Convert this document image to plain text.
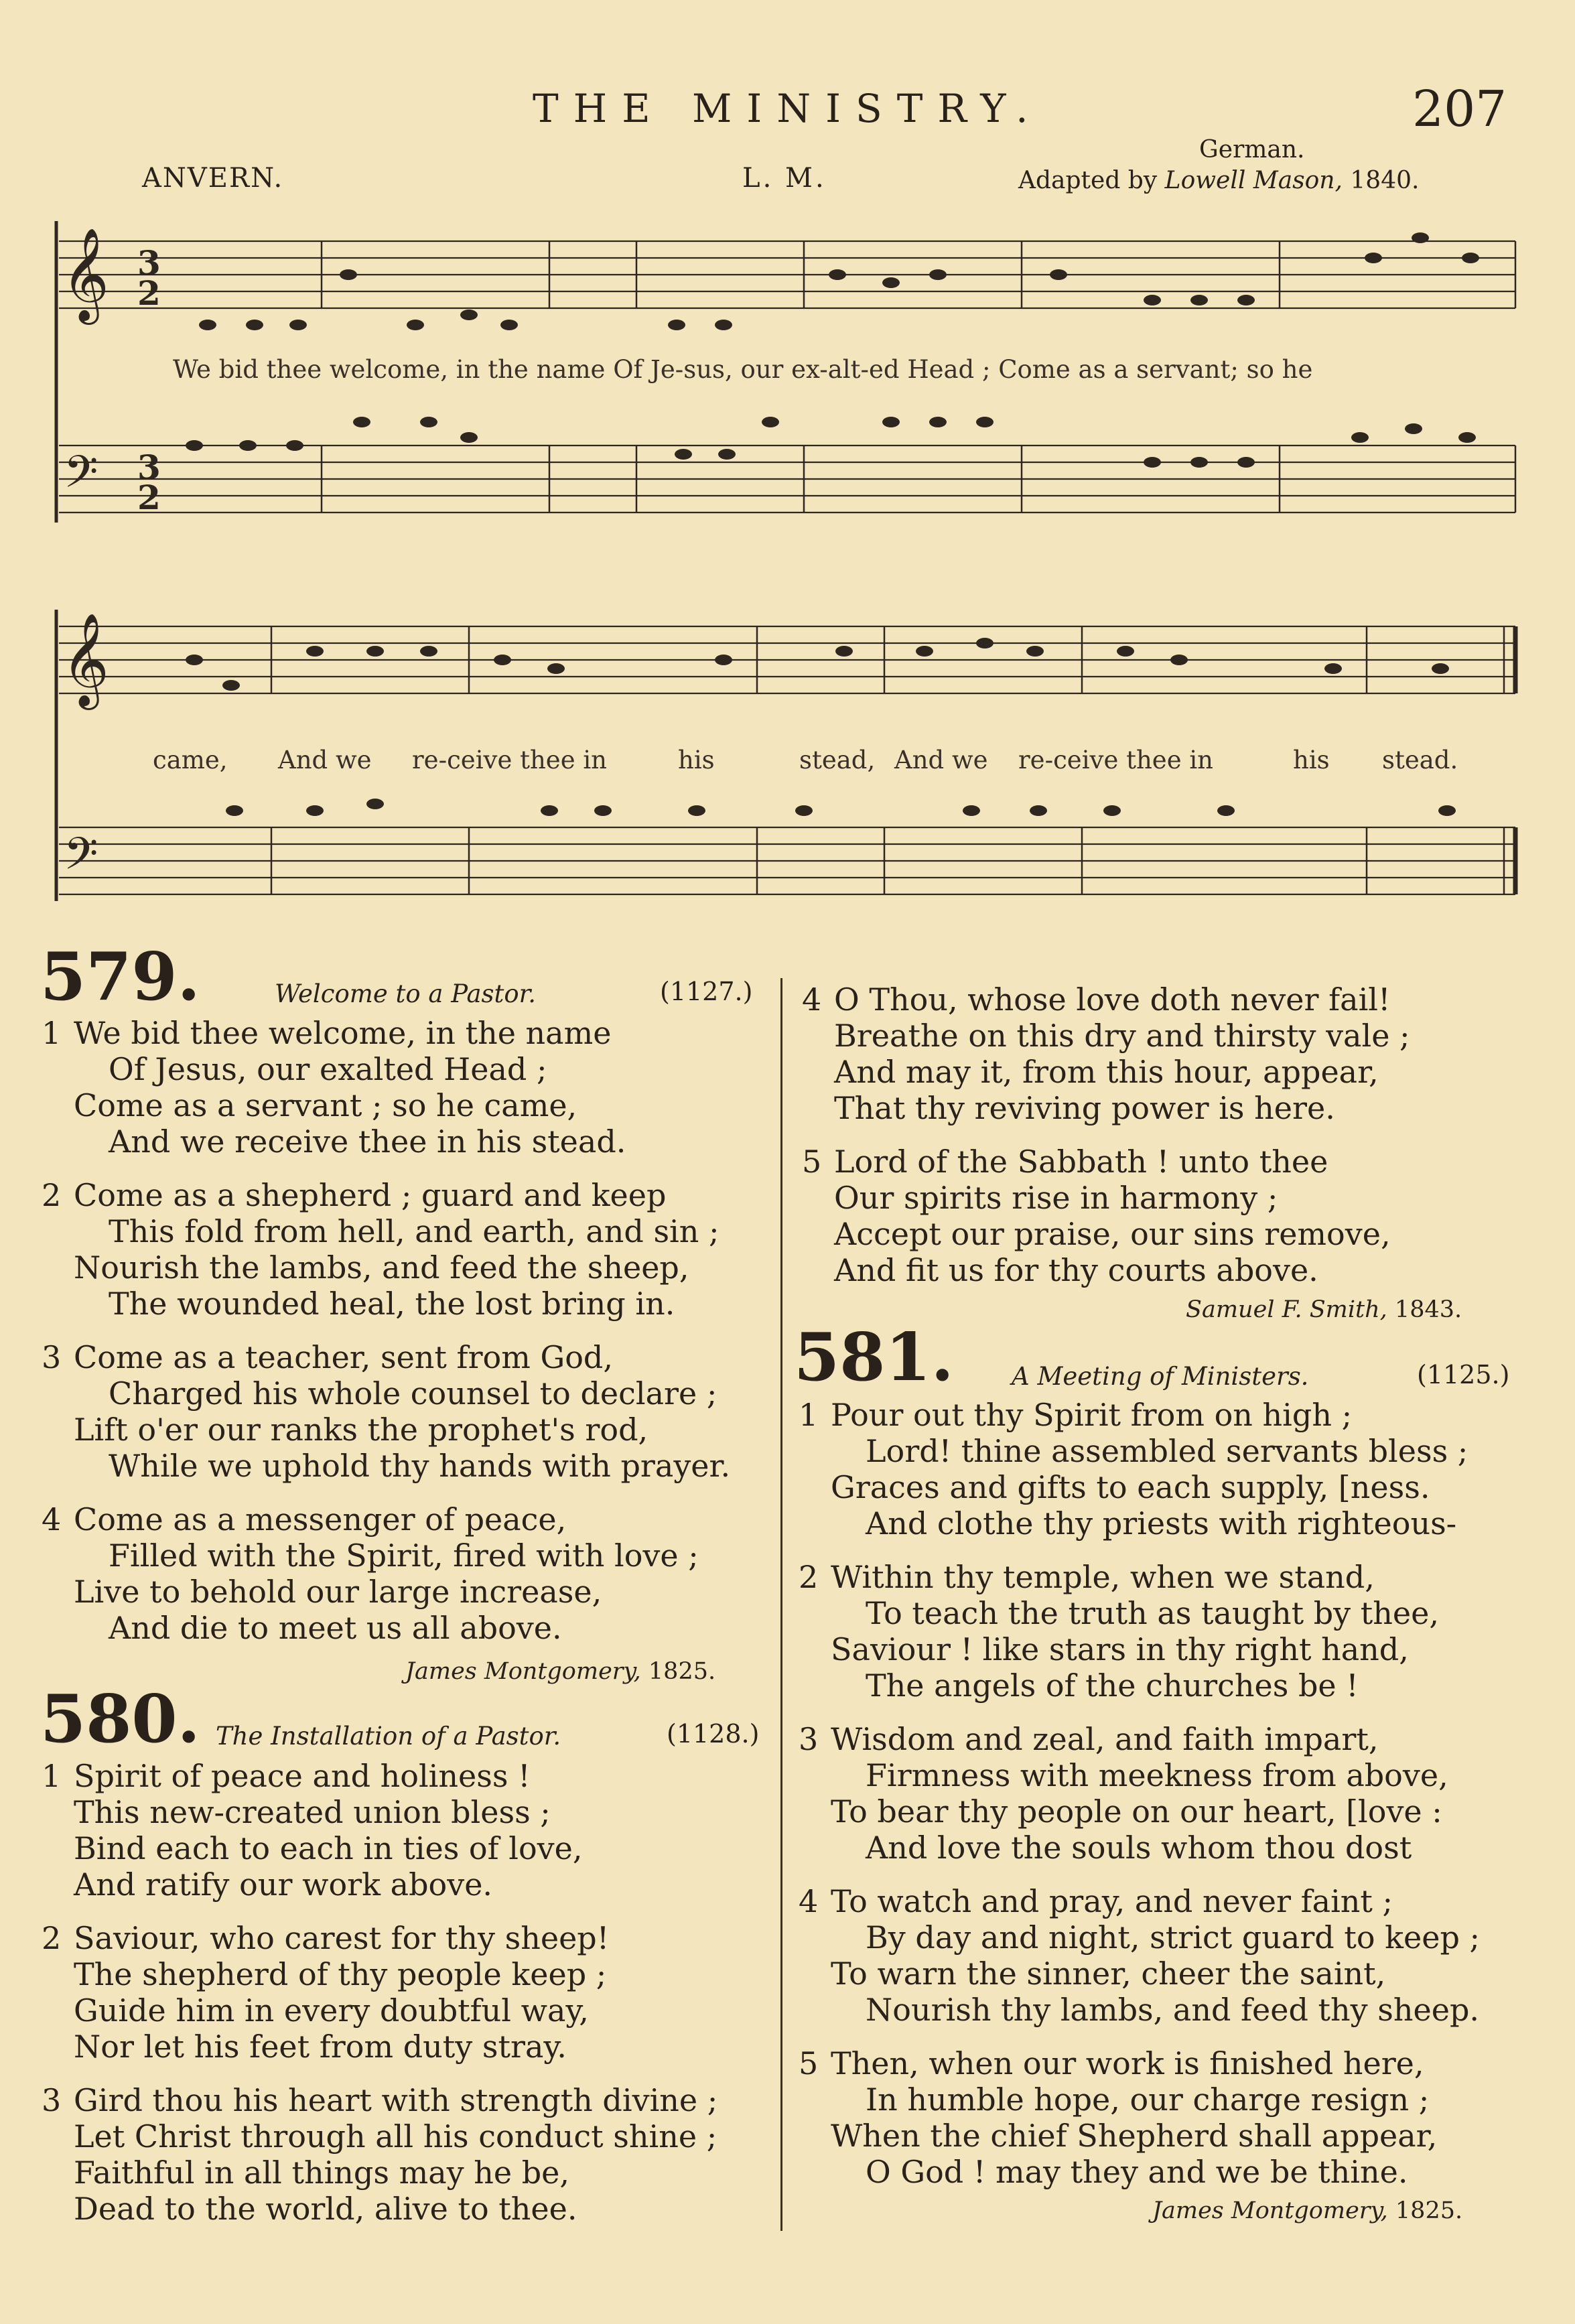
THE MINISTRY.	207
ANVERN.	L. M.
German.
Adapted by Lowell Mason, 1840.
𝄞
𝄢
3
2
3
2
𝄞
𝄢
We bid thee welcome, in the name Of Je-sus, our ex-alt-ed Head ; Come as a servant; so he
came, And we re-ceive thee in	his	stead, And we re-ceive thee in	his stead.
579.	Welcome to a Pastor.	(1127.)
1 We bid thee welcome, in the name
Of Jesus, our exalted Head ;
Come as a servant ; so he came,
And we receive thee in his stead.
2 Come as a shepherd ; guard and keep
This fold from hell, and earth, and sin ;
Nourish the lambs, and feed the sheep,
The wounded heal, the lost bring in.
3 Come as a teacher, sent from God,
Charged his whole counsel to declare ;
Lift o'er our ranks the prophet's rod,
While we uphold thy hands with prayer.
4 Come as a messenger of peace,
Filled with the Spirit, fired with love ;
Live to behold our large increase,
And die to meet us all above.
James Montgomery, 1825.
580. The Installation of a Pastor.	(1128.)
1 Spirit of peace and holiness !
This new-created union bless ;
Bind each to each in ties of love,
And ratify our work above.
2 Saviour, who carest for thy sheep!
The shepherd of thy people keep ;
Guide him in every doubtful way,
Nor let his feet from duty stray.
3 Gird thou his heart with strength divine ;
Let Christ through all his conduct shine ;
Faithful in all things may he be,
Dead to the world, alive to thee.
4 O Thou, whose love doth never fail!
Breathe on this dry and thirsty vale ;
And may it, from this hour, appear,
That thy reviving power is here.
5 Lord of the Sabbath ! unto thee
Our spirits rise in harmony ;
Accept our praise, our sins remove,
And fit us for thy courts above.
Samuel F. Smith, 1843.
581. A Meeting of Ministers.	(1125.)
1 Pour out thy Spirit from on high ;
Lord! thine assembled servants bless ;
Graces and gifts to each supply, [ness.
And clothe thy priests with righteous-
2 Within thy temple, when we stand,
To teach the truth as taught by thee,
Saviour ! like stars in thy right hand,
The angels of the churches be !
3 Wisdom and zeal, and faith impart,
Firmness with meekness from above,
To bear thy people on our heart, [love :
And love the souls whom thou dost
4 To watch and pray, and never faint ;
By day and night, strict guard to keep ;
To warn the sinner, cheer the saint,
Nourish thy lambs, and feed thy sheep.
5 Then, when our work is finished here,
In humble hope, our charge resign ;
When the chief Shepherd shall appear,
O God ! may they and we be thine.
James Montgomery, 1825.
